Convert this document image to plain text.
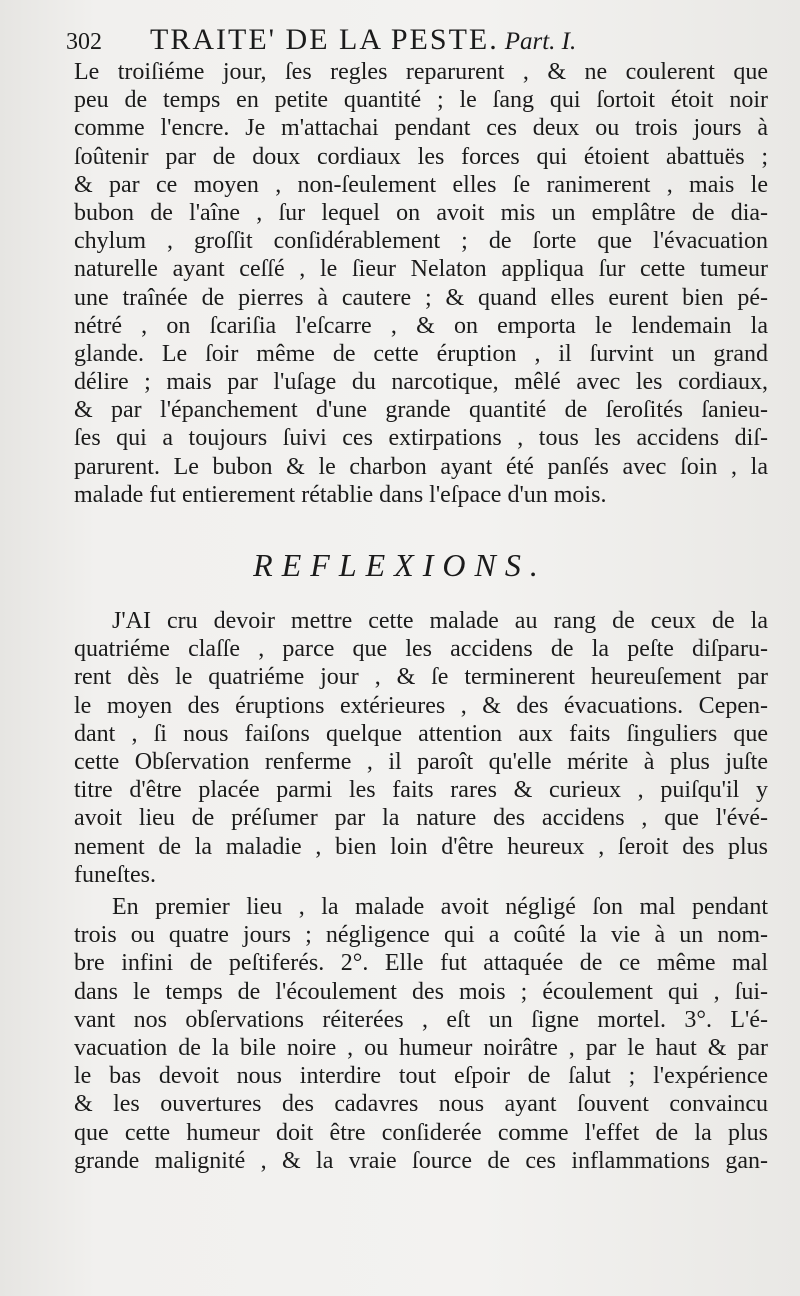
302 TRAITE' DE LA PESTE. Part. I.
Le troiſiéme jour, ſes regles reparurent , & ne coulerent que
peu de temps en petite quantité ; le ſang qui ſortoit étoit noir
comme l'encre. Je m'attachai pendant ces deux ou trois jours à
ſoûtenir par de doux cordiaux les forces qui étoient abattuës ;
& par ce moyen , non-ſeulement elles ſe ranimerent , mais le
bubon de l'aîne , ſur lequel on avoit mis un emplâtre de dia-
chylum , groſſit conſidérablement ; de ſorte que l'évacuation
naturelle ayant ceſſé , le ſieur Nelaton appliqua ſur cette tumeur
une traînée de pierres à cautere ; & quand elles eurent bien pé-
nétré , on ſcariſia l'eſcarre , & on emporta le lendemain la
glande. Le ſoir même de cette éruption , il ſurvint un grand
délire ; mais par l'uſage du narcotique, mêlé avec les cordiaux,
& par l'épanchement d'une grande quantité de ſeroſités ſanieu-
ſes qui a toujours ſuivi ces extirpations , tous les accidens diſ-
parurent. Le bubon & le charbon ayant été panſés avec ſoin , la
malade fut entierement rétablie dans l'eſpace d'un mois.
REFLEXIONS.
J'AI cru devoir mettre cette malade au rang de ceux de la
quatriéme claſſe , parce que les accidens de la peſte diſparu-
rent dès le quatriéme jour , & ſe terminerent heureuſement par
le moyen des éruptions extérieures , & des évacuations. Cepen-
dant , ſi nous faiſons quelque attention aux faits ſinguliers que
cette Obſervation renferme , il paroît qu'elle mérite à plus juſte
titre d'être placée parmi les faits rares & curieux , puiſqu'il y
avoit lieu de préſumer par la nature des accidens , que l'évé-
nement de la maladie , bien loin d'être heureux , ſeroit des plus
funeſtes.
En premier lieu , la malade avoit négligé ſon mal pendant
trois ou quatre jours ; négligence qui a coûté la vie à un nom-
bre infini de peſtiferés. 2°. Elle fut attaquée de ce même mal
dans le temps de l'écoulement des mois ; écoulement qui , ſui-
vant nos obſervations réiterées , eſt un ſigne mortel. 3°. L'é-
vacuation de la bile noire , ou humeur noirâtre , par le haut & par
le bas devoit nous interdire tout eſpoir de ſalut ; l'expérience
& les ouvertures des cadavres nous ayant ſouvent convaincu
que cette humeur doit être conſiderée comme l'effet de la plus
grande malignité , & la vraie ſource de ces inflammations gan-
